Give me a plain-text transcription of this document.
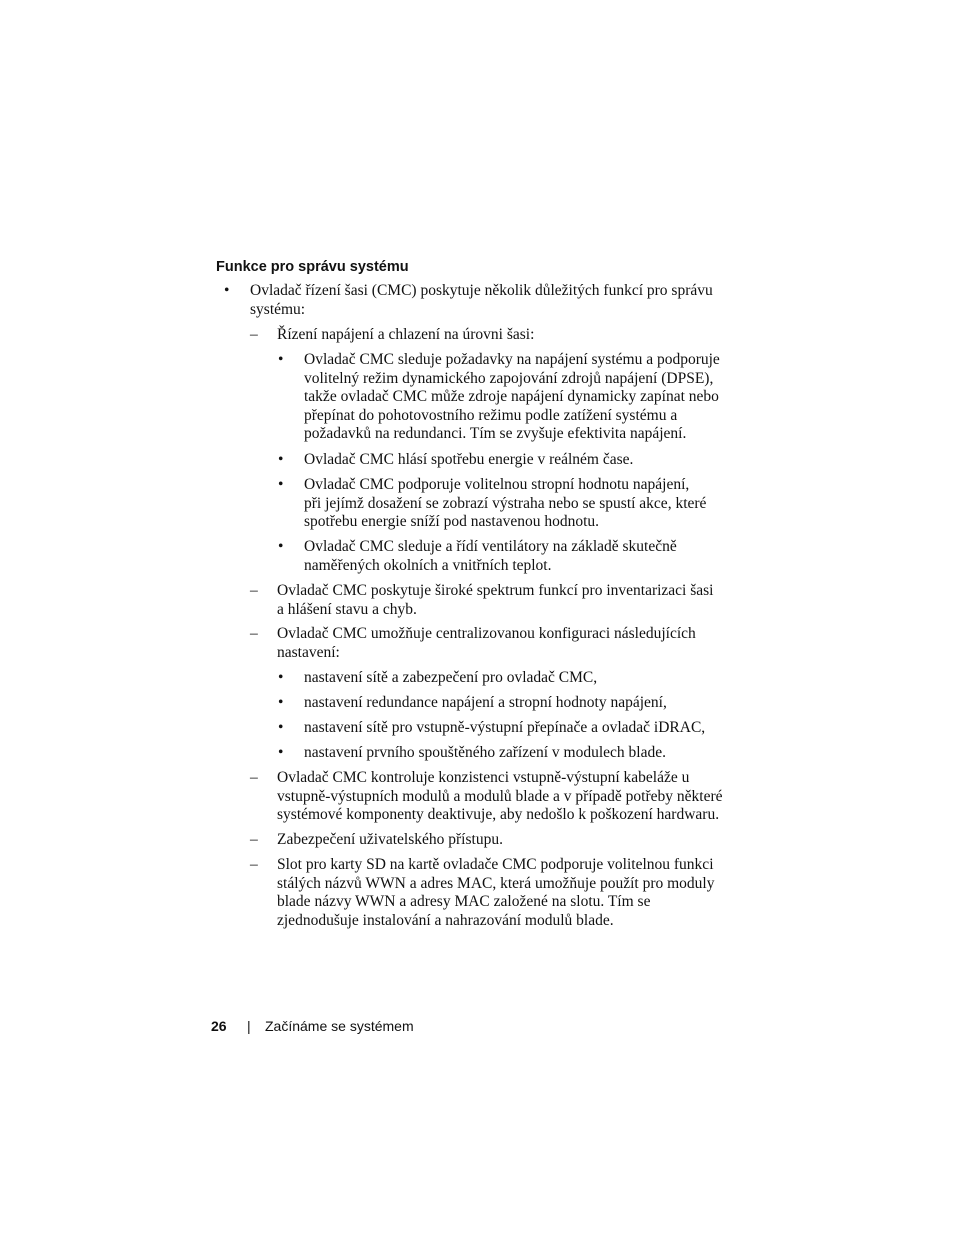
Funkce pro správu systému
• Ovladač řízení šasi (CMC) poskytuje několik důležitých funkcí pro správu
systému:
– Řízení napájení a chlazení na úrovni šasi:
• Ovladač CMC sleduje požadavky na napájení systému a podporuje
volitelný režim dynamického zapojování zdrojů napájení (DPSE),
takže ovladač CMC může zdroje napájení dynamicky zapínat nebo
přepínat do pohotovostního režimu podle zatížení systému a
požadavků na redundanci. Tím se zvyšuje efektivita napájení.
• Ovladač CMC hlásí spotřebu energie v reálném čase.
• Ovladač CMC podporuje volitelnou stropní hodnotu napájení,
při jejímž dosažení se zobrazí výstraha nebo se spustí akce, které
spotřebu energie sníží pod nastavenou hodnotu.
• Ovladač CMC sleduje a řídí ventilátory na základě skutečně
naměřených okolních a vnitřních teplot.
– Ovladač CMC poskytuje široké spektrum funkcí pro inventarizaci šasi
a hlášení stavu a chyb.
– Ovladač CMC umožňuje centralizovanou konfiguraci následujících
nastavení:
• nastavení sítě a zabezpečení pro ovladač CMC,
• nastavení redundance napájení a stropní hodnoty napájení,
• nastavení sítě pro vstupně-výstupní přepínače a ovladač iDRAC,
• nastavení prvního spouštěného zařízení v modulech blade.
– Ovladač CMC kontroluje konzistenci vstupně-výstupní kabeláže u
vstupně-výstupních modulů a modulů blade a v případě potřeby některé
systémové komponenty deaktivuje, aby nedošlo k poškození hardwaru.
– Zabezpečení uživatelského přístupu.
– Slot pro karty SD na kartě ovladače CMC podporuje volitelnou funkci
stálých názvů WWN a adres MAC, která umožňuje použít pro moduly
blade názvy WWN a adresy MAC založené na slotu. Tím se
zjednodušuje instalování a nahrazování modulů blade.
26 | Začínáme se systémem
